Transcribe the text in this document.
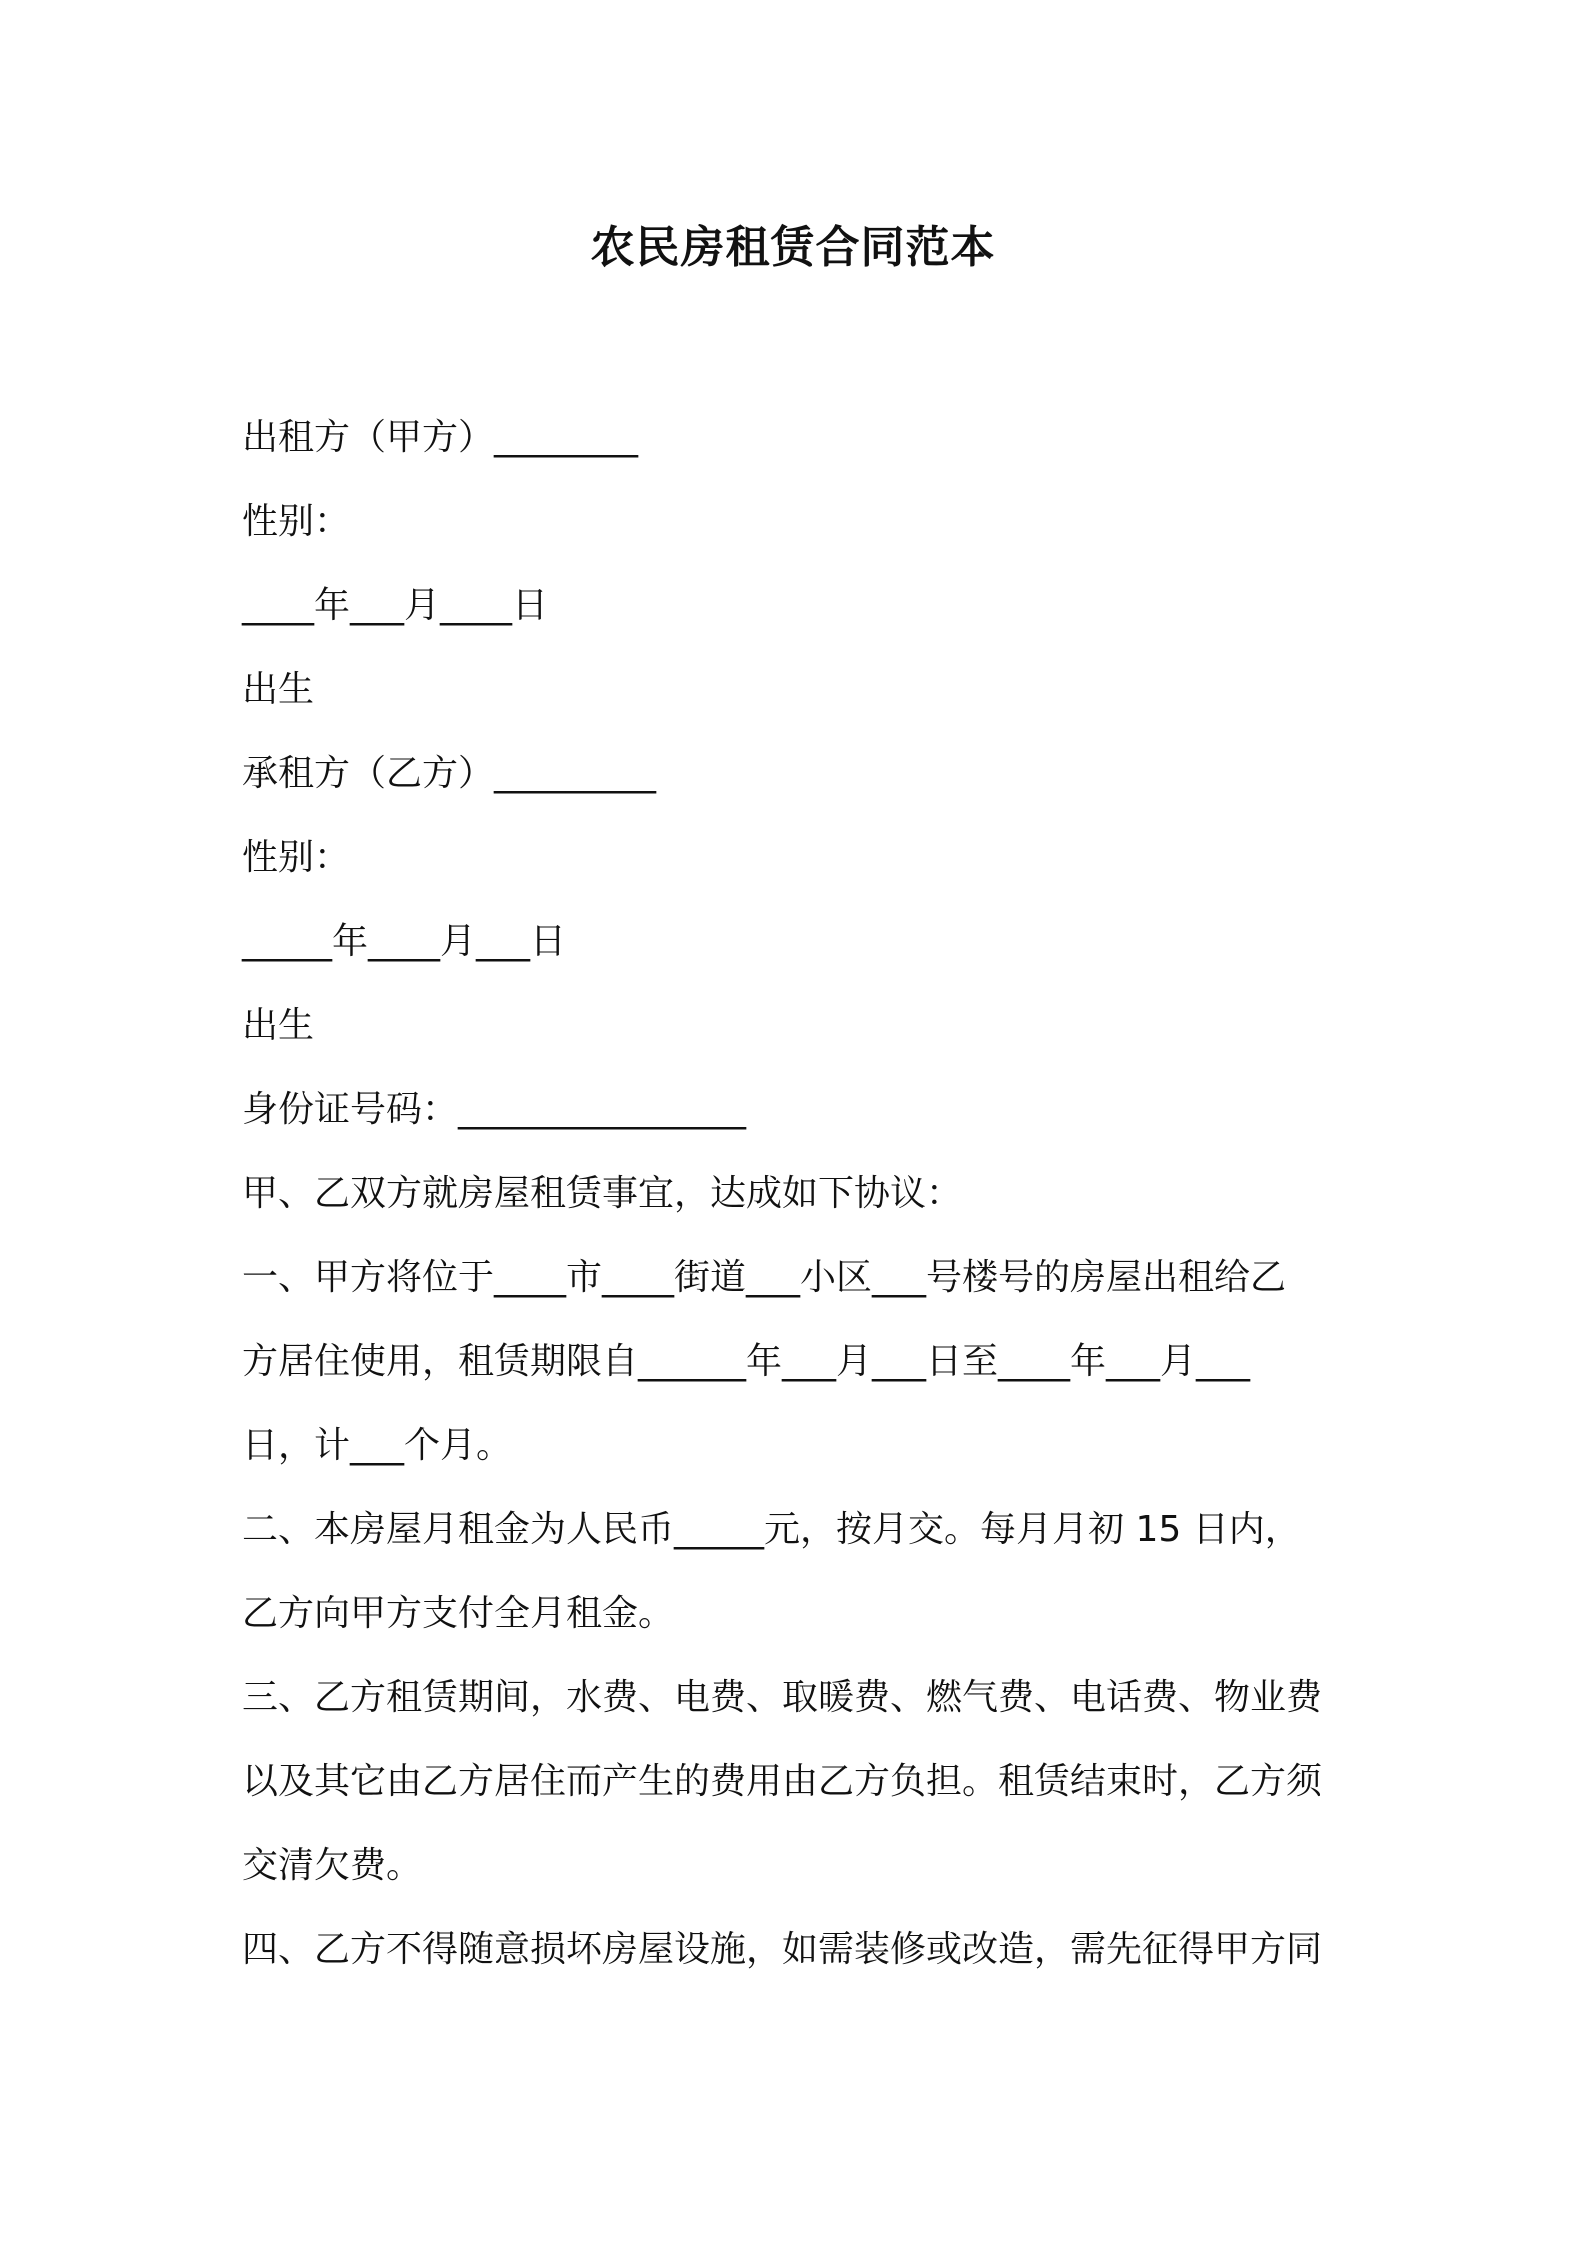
农民房租赁合同范本

出租方（甲方）________

性别：

____年___月____日

出生

承租方（乙方）_________

性别：

_____年____月___日

出生

身份证号码：________________

甲、乙双方就房屋租赁事宜，达成如下协议：

一、甲方将位于____市____街道___小区___号楼号的房屋出租给乙

方居住使用，租赁期限自______年___月___日至____年___月___

日，计___个月。

二、本房屋月租金为人民币_____元，按月交。每月月初 15 日内，

乙方向甲方支付全月租金。

三、乙方租赁期间，水费、电费、取暖费、燃气费、电话费、物业费

以及其它由乙方居住而产生的费用由乙方负担。租赁结束时，乙方须

交清欠费。

四、乙方不得随意损坏房屋设施，如需装修或改造，需先征得甲方同
